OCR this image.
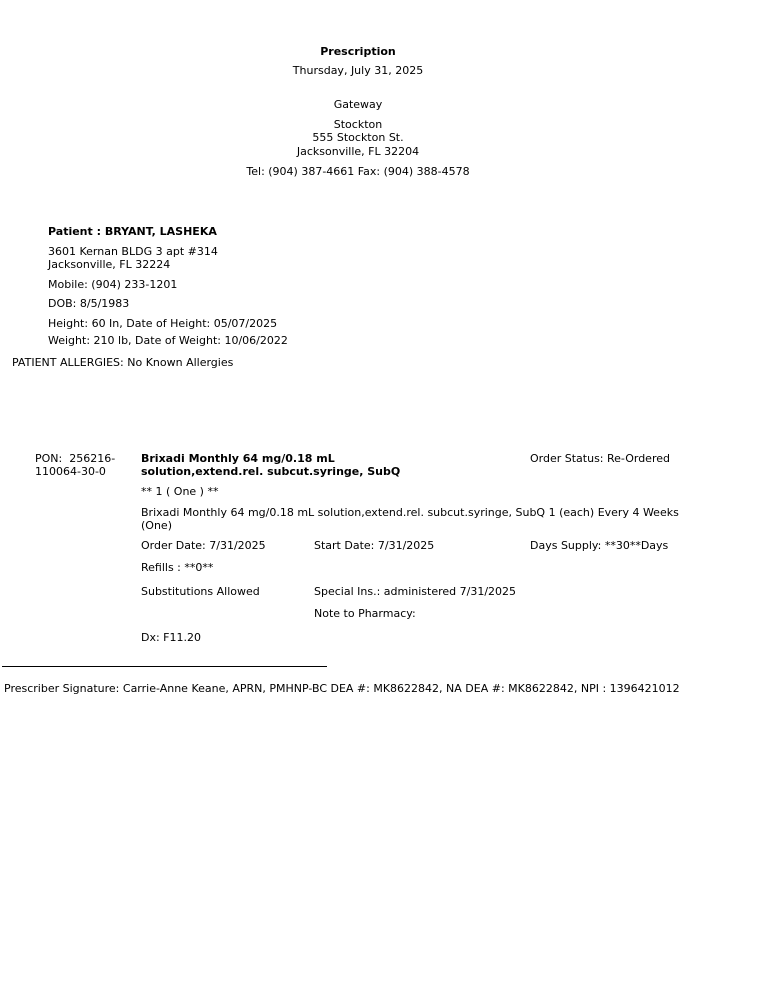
Prescription
Thursday, July 31, 2025
Gateway
Stockton
555 Stockton St.
Jacksonville, FL 32204
Tel: (904) 387-4661 Fax: (904) 388-4578
Patient : BRYANT, LASHEKA
3601 Kernan BLDG 3 apt #314
Jacksonville, FL 32224
Mobile: (904) 233-1201
DOB: 8/5/1983
Height: 60 In, Date of Height: 05/07/2025
Weight: 210 lb, Date of Weight: 10/06/2022
PATIENT ALLERGIES: No Known Allergies
PON:  256216-
110064-30-0
Brixadi Monthly 64 mg/0.18 mL solution,extend.rel. subcut.syringe, SubQ
Order Status: Re-Ordered
** 1 ( One ) **
Brixadi Monthly 64 mg/0.18 mL solution,extend.rel. subcut.syringe, SubQ 1 (each) Every 4 Weeks (One)
Order Date: 7/31/2025	Start Date: 7/31/2025	Days Supply: **30**Days
Refills : **0**
Substitutions Allowed	Special Ins.: administered 7/31/2025
Note to Pharmacy:
Dx: F11.20
Prescriber Signature: Carrie-Anne Keane, APRN, PMHNP-BC DEA #: MK8622842, NA DEA #: MK8622842, NPI : 1396421012
